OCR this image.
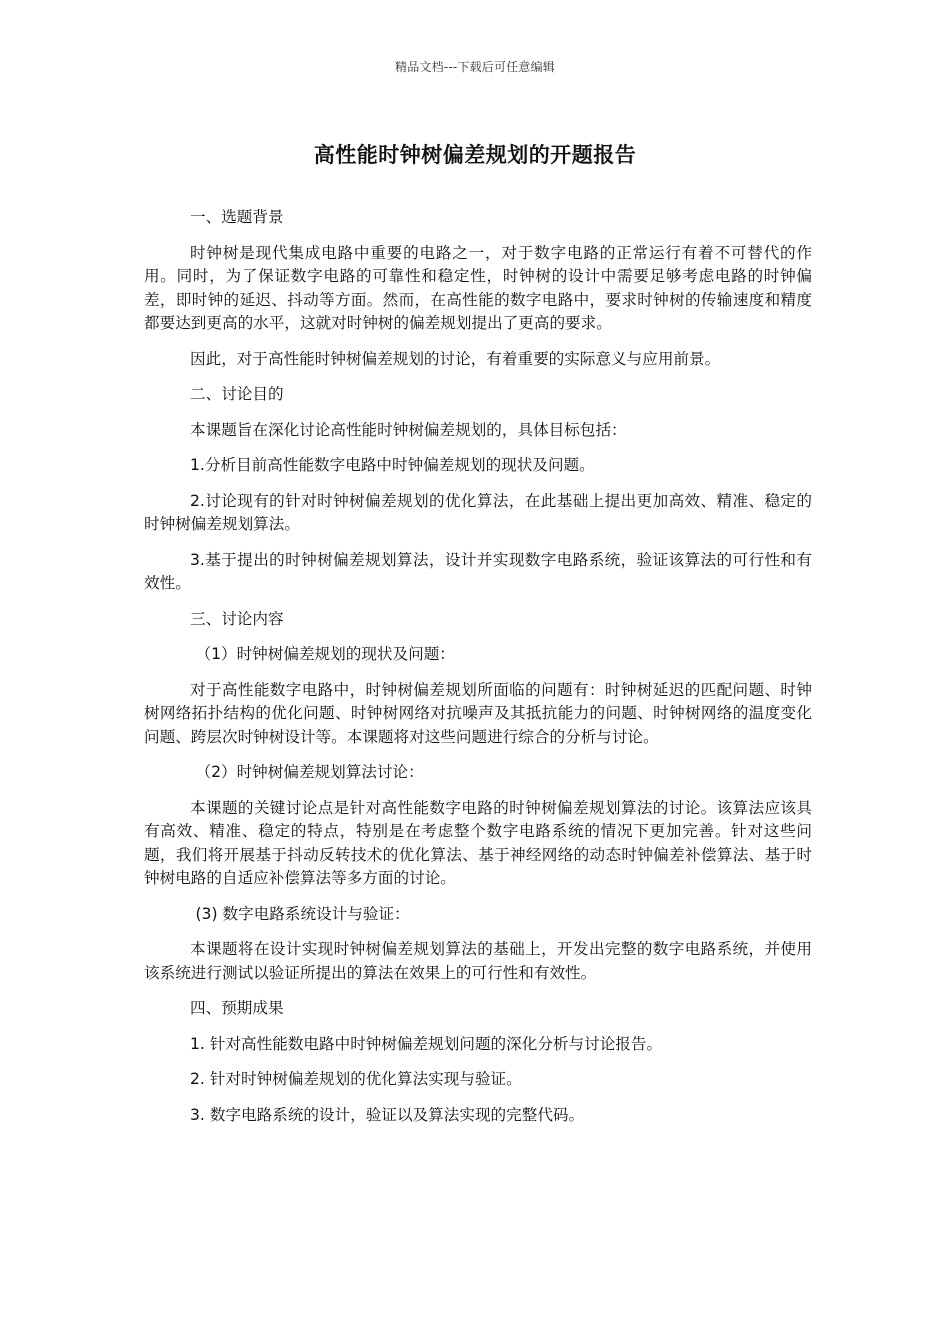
精品文档---下载后可任意编辑
高性能时钟树偏差规划的开题报告

一、选题背景

时钟树是现代集成电路中重要的电路之一，对于数字电路的正常运行有着不可替代的作用。同时，为了保证数字电路的可靠性和稳定性，时钟树的设计中需要足够考虑电路的时钟偏差，即时钟的延迟、抖动等方面。然而，在高性能的数字电路中，要求时钟树的传输速度和精度都要达到更高的水平，这就对时钟树的偏差规划提出了更高的要求。

因此，对于高性能时钟树偏差规划的讨论，有着重要的实际意义与应用前景。

二、讨论目的

本课题旨在深化讨论高性能时钟树偏差规划的，具体目标包括：

1.分析目前高性能数字电路中时钟偏差规划的现状及问题。

2.讨论现有的针对时钟树偏差规划的优化算法，在此基础上提出更加高效、精准、稳定的时钟树偏差规划算法。

3.基于提出的时钟树偏差规划算法，设计并实现数字电路系统，验证该算法的可行性和有效性。

三、讨论内容

（1）时钟树偏差规划的现状及问题：

对于高性能数字电路中，时钟树偏差规划所面临的问题有：时钟树延迟的匹配问题、时钟树网络拓扑结构的优化问题、时钟树网络对抗噪声及其抵抗能力的问题、时钟树网络的温度变化问题、跨层次时钟树设计等。本课题将对这些问题进行综合的分析与讨论。

（2）时钟树偏差规划算法讨论：

本课题的关键讨论点是针对高性能数字电路的时钟树偏差规划算法的讨论。该算法应该具有高效、精准、稳定的特点，特别是在考虑整个数字电路系统的情况下更加完善。针对这些问题，我们将开展基于抖动反转技术的优化算法、基于神经网络的动态时钟偏差补偿算法、基于时钟树电路的自适应补偿算法等多方面的讨论。

(3) 数字电路系统设计与验证：

本课题将在设计实现时钟树偏差规划算法的基础上，开发出完整的数字电路系统，并使用该系统进行测试以验证所提出的算法在效果上的可行性和有效性。

四、预期成果

1. 针对高性能数电路中时钟树偏差规划问题的深化分析与讨论报告。

2. 针对时钟树偏差规划的优化算法实现与验证。

3. 数字电路系统的设计，验证以及算法实现的完整代码。
